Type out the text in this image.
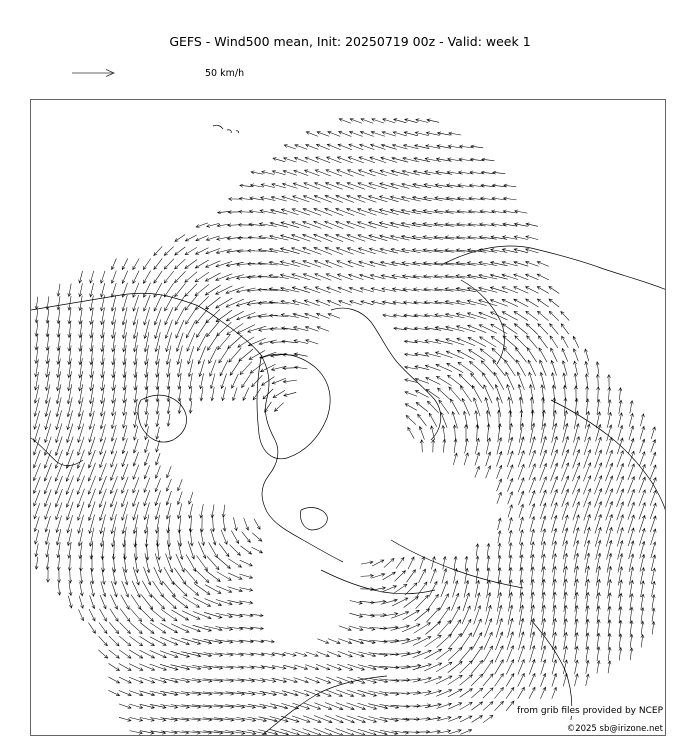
GEFS - Wind500 mean, Init: 20250719 00z - Valid: week 1
50 km/h
from grib files provided by NCEP
©2025 sb@irizone.net
